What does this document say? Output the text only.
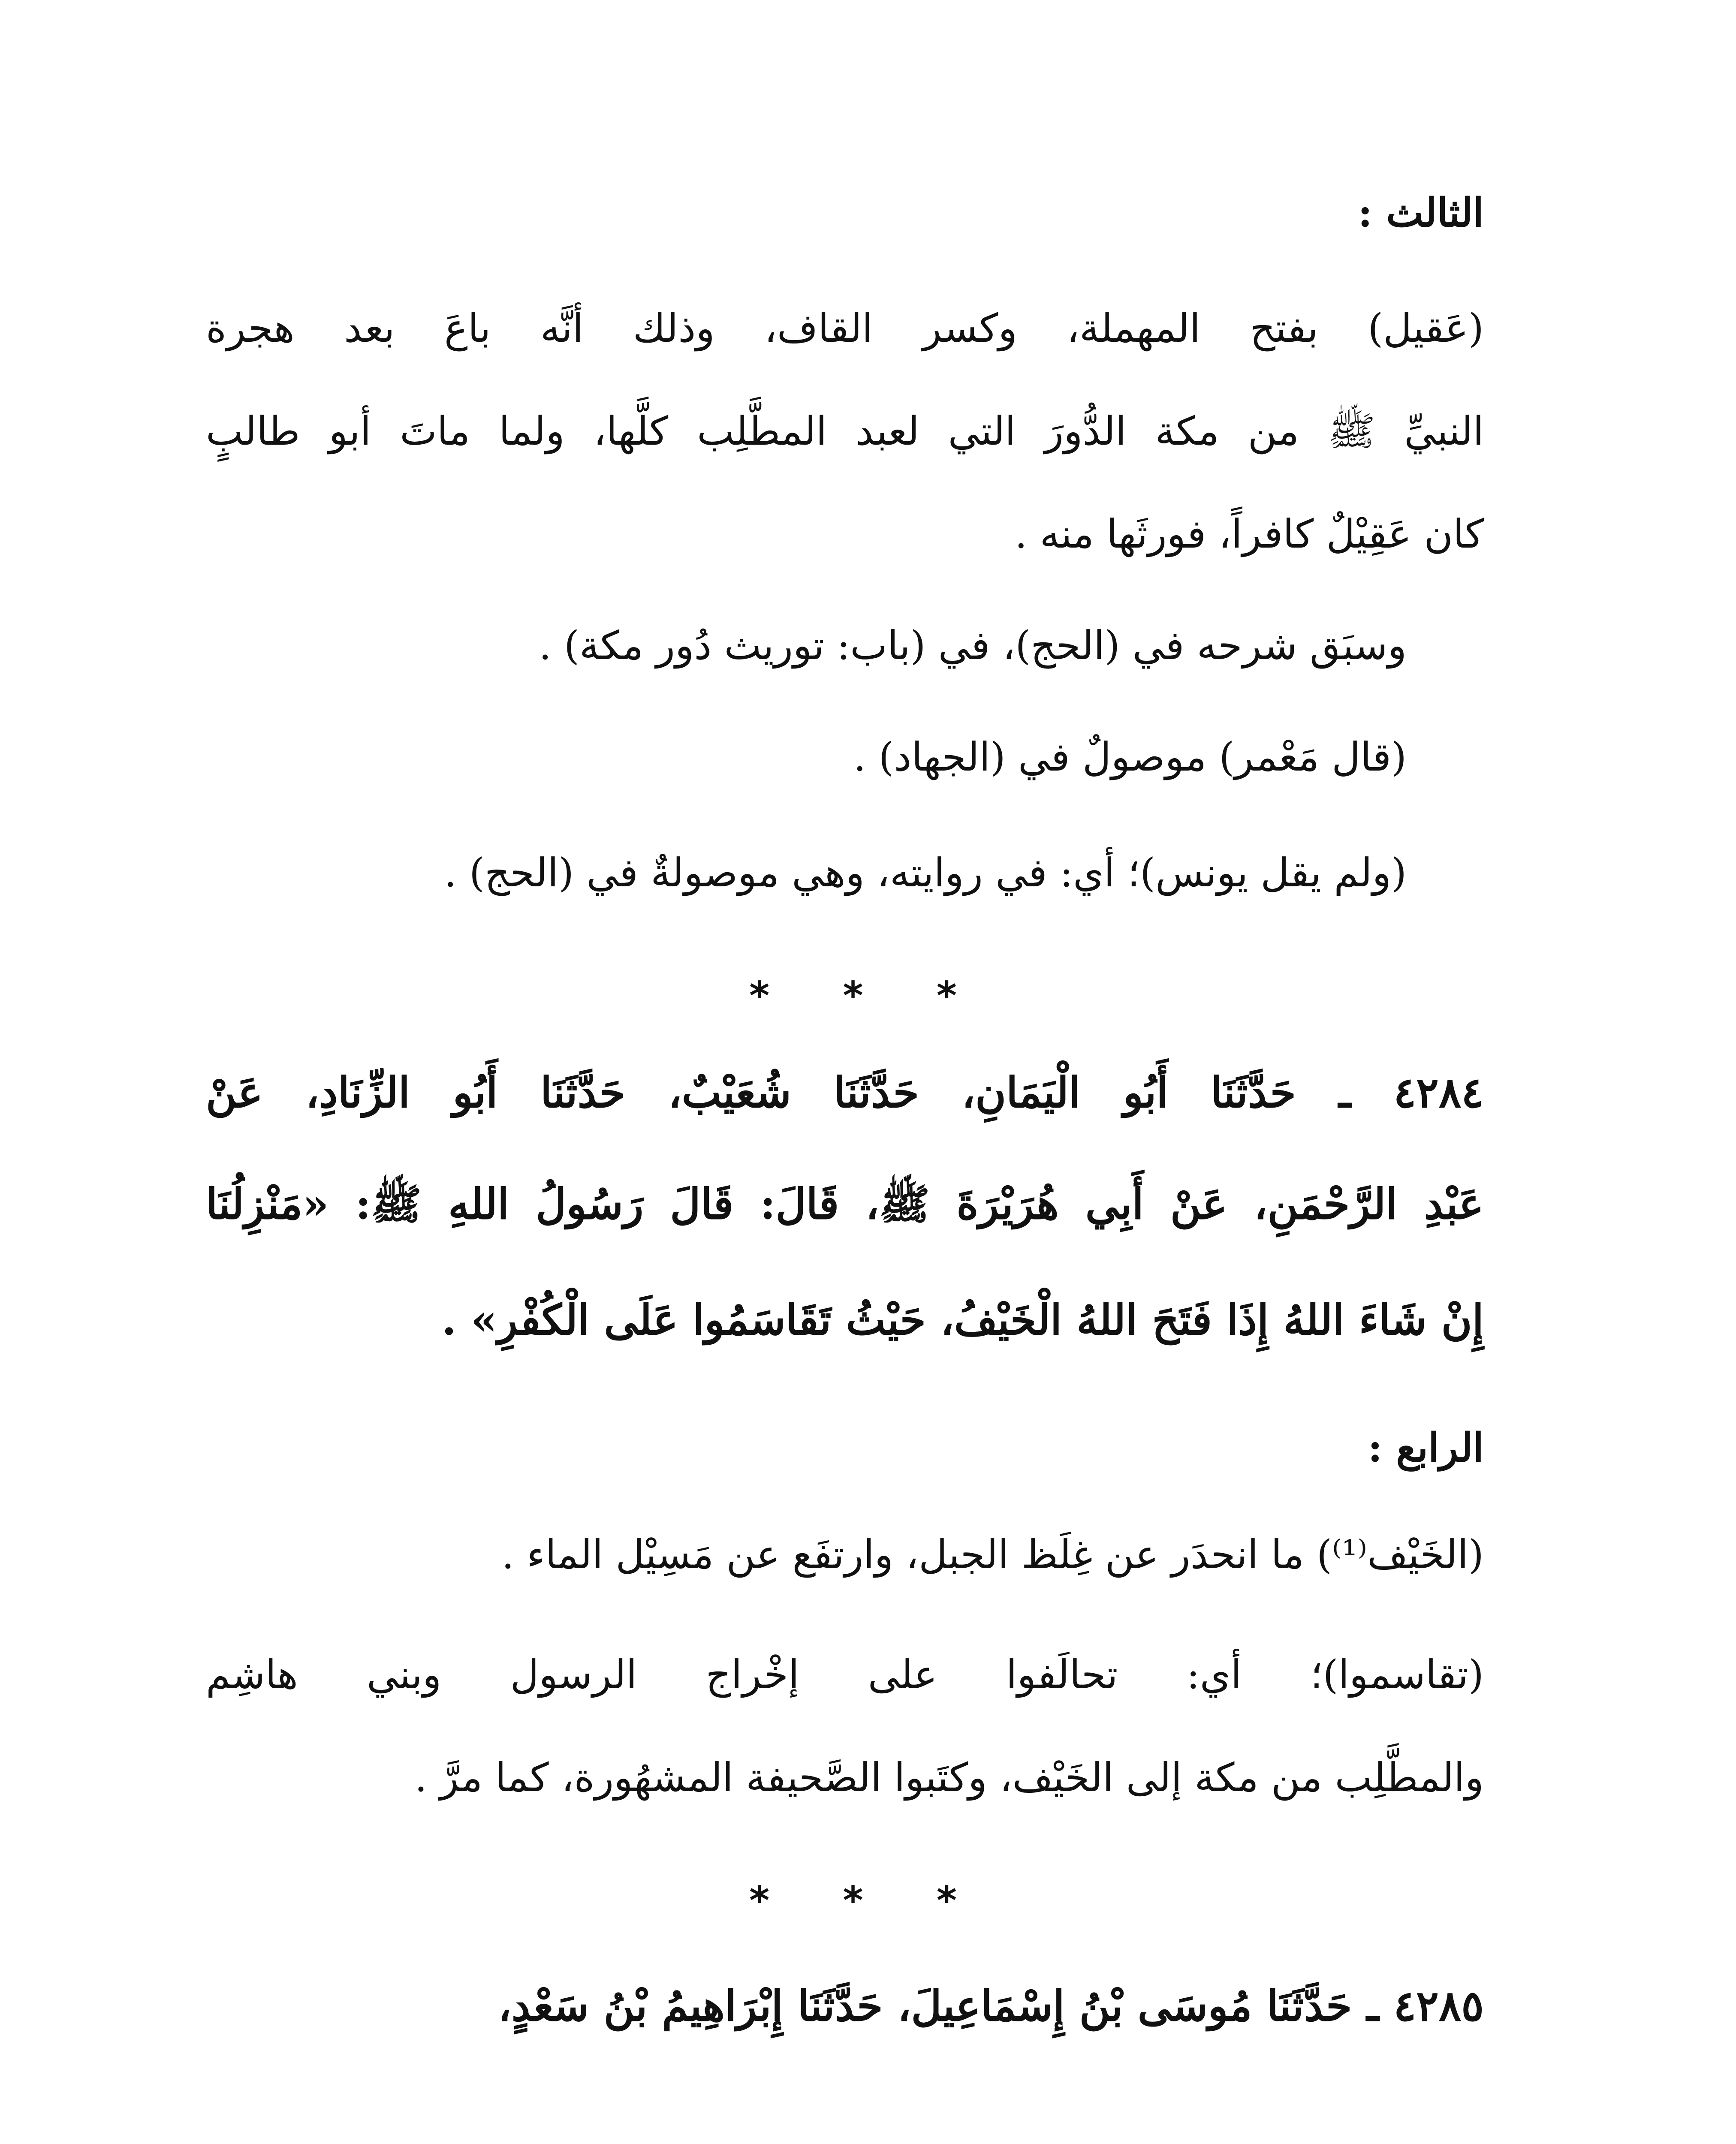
الثالث :
(عَقيل) بفتح المهملة، وكسر القاف، وذلك أنَّه باعَ بعد هجرة
النبيِّ ﷺ من مكة الدُّورَ التي لعبد المطَّلِب كلَّها، ولما ماتَ أبو طالبٍ
كان عَقِيْلٌ كافراً، فورثَها منه .
وسبَق شرحه في (الحج)، في (باب: توريث دُور مكة) .
(قال مَعْمر) موصولٌ في (الجهاد) .
(ولم يقل يونس)؛ أي: في روايته، وهي موصولةٌ في (الحج) .
* * *
٤٢٨٤ ـ حَدَّثَنَا أَبُو الْيَمَانِ، حَدَّثَنَا شُعَيْبٌ، حَدَّثَنَا أَبُو الزِّنَادِ، عَنْ
عَبْدِ الرَّحْمَنِ، عَنْ أَبِي هُرَيْرَةَ ﷺ، قَالَ: قَالَ رَسُولُ اللهِ ﷺ: «مَنْزِلُنَا
إِنْ شَاءَ اللهُ إِذَا فَتَحَ اللهُ الْخَيْفُ، حَيْثُ تَقَاسَمُوا عَلَى الْكُفْرِ» .
الرابع :
(الخَيْف⁽¹⁾) ما انحدَر عن غِلَظ الجبل، وارتفَع عن مَسِيْل الماء .
(تقاسموا)؛ أي: تحالَفوا على إخْراج الرسول وبني هاشِم
والمطَّلِب من مكة إلى الخَيْف، وكتَبوا الصَّحيفة المشهُورة، كما مرَّ .
* * *
٤٢٨٥ ـ حَدَّثَنَا مُوسَى بْنُ إِسْمَاعِيلَ، حَدَّثَنَا إِبْرَاهِيمُ بْنُ سَعْدٍ،
